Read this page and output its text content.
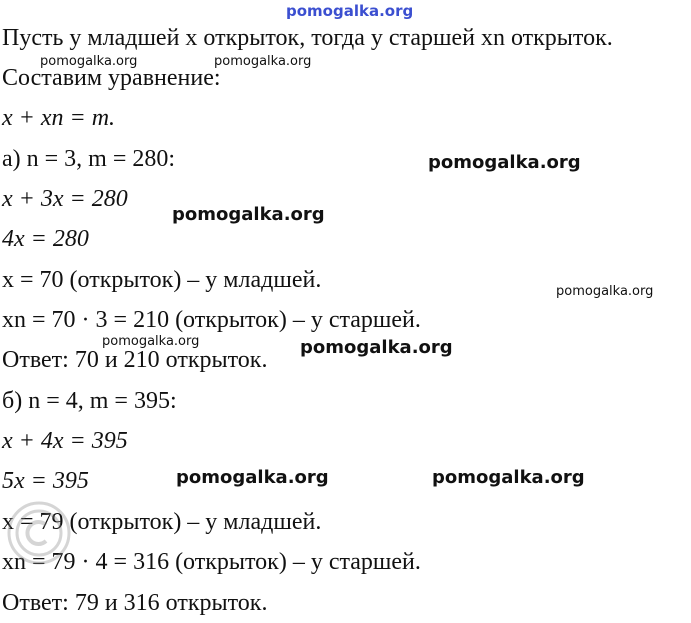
Пусть у младшей x открыток, тогда у старшей xn открыток.
Составим уравнение:
x + xn = m.
а) n = 3, m = 280:
x + 3x = 280
4x = 280
x = 70 (открыток) – у младшей.
xn = 70 · 3 = 210 (открыток) – у старшей.
Ответ: 70 и 210 открыток.
б) n = 4, m = 395:
x + 4x = 395
5x = 395
x = 79 (открыток) – у младшей.
xn = 79 · 4 = 316 (открыток) – у старшей.
Ответ: 79 и 316 открыток.
pomogalka.org
pomogalka.org	pomogalka.org
pomogalka.org
pomogalka.org
pomogalka.org
pomogalka.org	pomogalka.org
pomogalka.org	pomogalka.org
